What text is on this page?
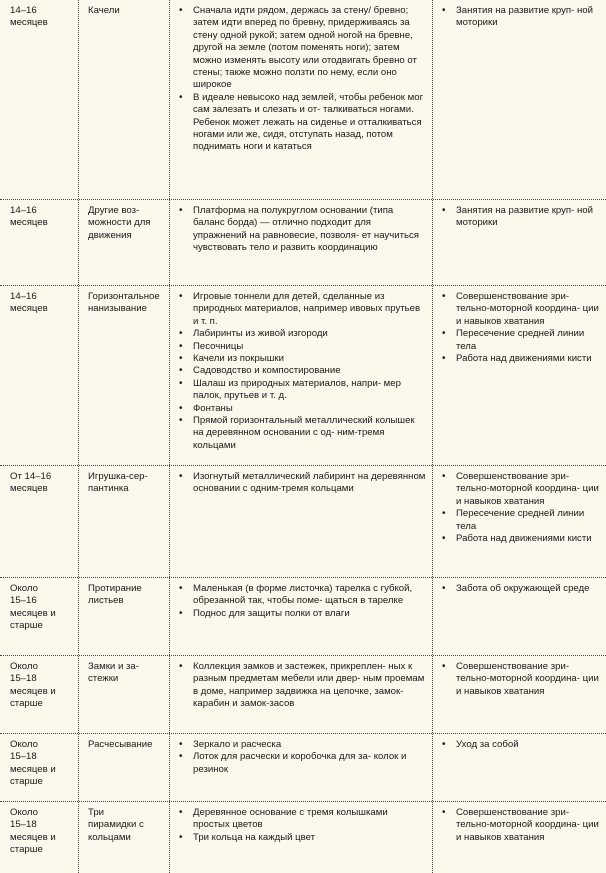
14–16 месяцев
Качели	• Сначала идти рядом, держась за стену/ бревно; затем идти вперед по бревну, придерживаясь за стену одной рукой; затем одной ногой на бревне, другой на земле (потом поменять ноги); затем можно изменять высоту или отодвигать бревно от стены; также можно ползти по нему, если оно широкое
• В идеале невысоко над землей, чтобы ребенок мог сам залезать и слезать и от- талкиваться ногами. Ребенок может лежать на сиденье и отталкиваться ногами или же, сидя, отступать назад, потом поднимать ноги и кататься
• Занятия на развитие круп- ной моторики
14–16 месяцев
Другие воз- можности для движения
• Платформа на полукруглом основании (типа баланс борда) — отлично подходит для упражнений на равновесие, позволя- ет научиться чувствовать тело и развить координацию
• Занятия на развитие круп- ной моторики
14–16 месяцев
Горизонтальное нанизывание
• Игровые тоннели для детей, сделанные из природных материалов, например ивовых прутьев и т. п.
• Лабиринты из живой изгороди
• Песочницы
• Качели из покрышки
• Садоводство и компостирование
• Шалаш из природных материалов, напри- мер палок, прутьев и т. д.
• Фонтаны
• Прямой горизонтальный металлический колышек на деревянном основании с од- ним-тремя кольцами
• Совершенствование зри- тельно-моторной координа- ции и навыков хватания
• Пересечение средней линии тела
• Работа над движениями кисти
От 14–16 месяцев
Игрушка-сер- пантинка
• Изогнутый металлический лабиринт на деревянном основании с одним-тремя кольцами
• Совершенствование зри- тельно-моторной координа- ции и навыков хватания
• Пересечение средней линии тела
• Работа над движениями кисти
Около 15–16 месяцев и старше
Протирание листьев
• Маленькая (в форме листочка) тарелка с губкой, обрезанной так, чтобы поме- щаться в тарелке
• Поднос для защиты полки от влаги
• Забота об окружающей среде
Около 15–18 месяцев и старше
Замки и за- стежки
• Коллекция замков и застежек, прикреплен- ных к разным предметам мебели или двер- ным проемам в доме, например задвижка на цепочке, замок-карабин и замок-засов
• Совершенствование зри- тельно-моторной координа- ции и навыков хватания
Около 15–18 месяцев и старше
Расчесывание	• Зеркало и расческа
• Лоток для расчески и коробочка для за- колок и резинок
• Уход за собой
Около 15–18 месяцев и старше
Три пирамидки с кольцами
• Деревянное основание с тремя колышками простых цветов
• Три кольца на каждый цвет
• Совершенствование зри- тельно-моторной координа- ции и навыков хватания
